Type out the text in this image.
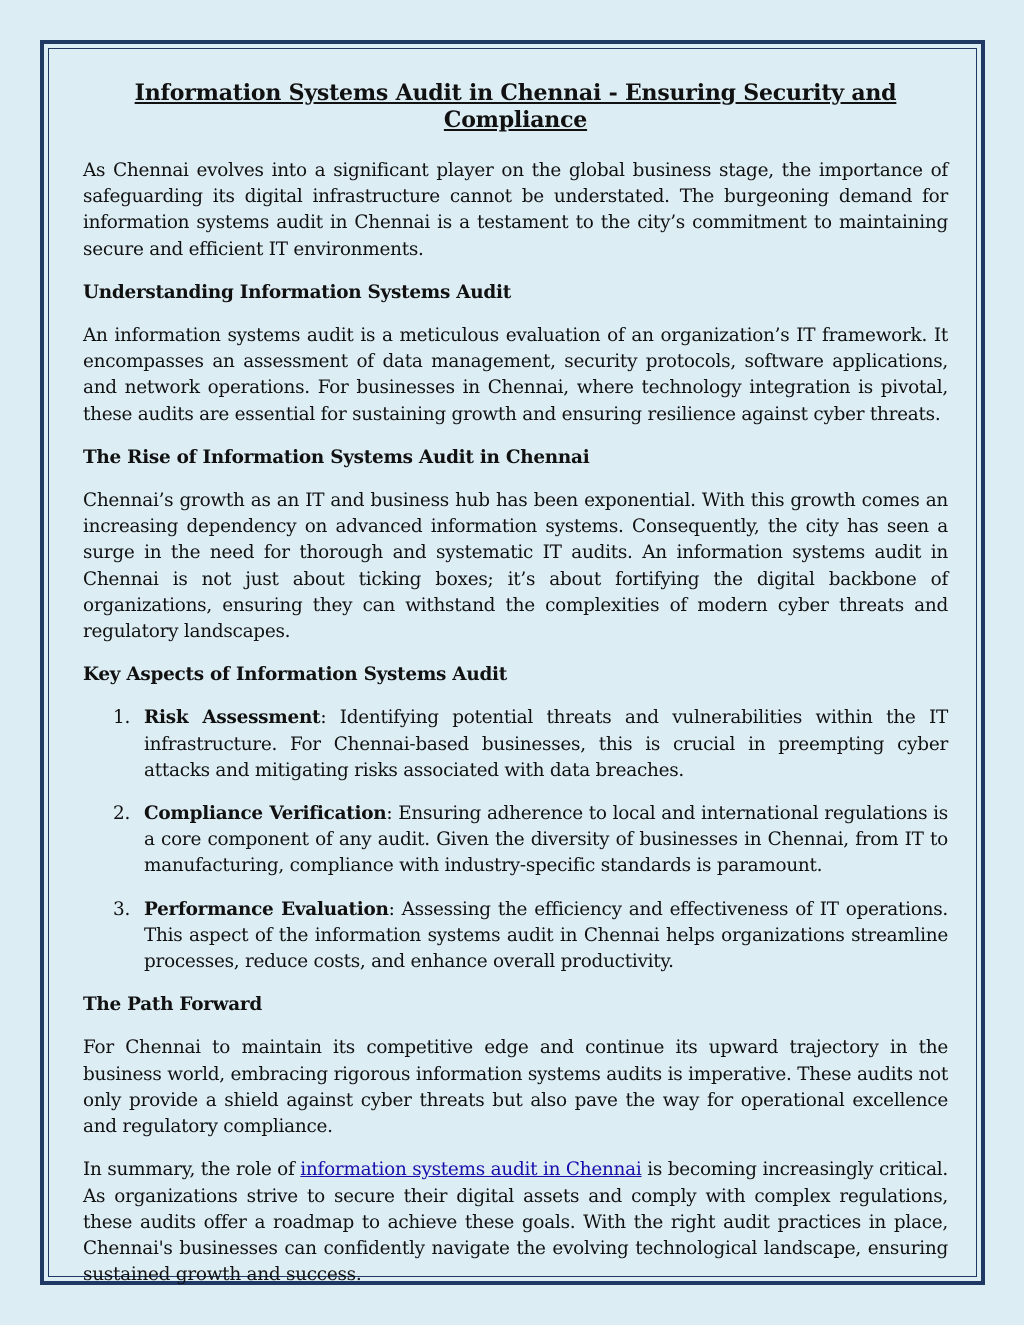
Information Systems Audit in Chennai - Ensuring Security and Compliance

As Chennai evolves into a significant player on the global business stage, the importance of safeguarding its digital infrastructure cannot be understated. The burgeoning demand for information systems audit in Chennai is a testament to the city’s commitment to maintaining secure and efficient IT environments.

Understanding Information Systems Audit

An information systems audit is a meticulous evaluation of an organization’s IT framework. It encompasses an assessment of data management, security protocols, software applications, and network operations. For businesses in Chennai, where technology integration is pivotal, these audits are essential for sustaining growth and ensuring resilience against cyber threats.

The Rise of Information Systems Audit in Chennai

Chennai’s growth as an IT and business hub has been exponential. With this growth comes an increasing dependency on advanced information systems. Consequently, the city has seen a surge in the need for thorough and systematic IT audits. An information systems audit in Chennai is not just about ticking boxes; it’s about fortifying the digital backbone of organizations, ensuring they can withstand the complexities of modern cyber threats and regulatory landscapes.

Key Aspects of Information Systems Audit
1. Risk Assessment: Identifying potential threats and vulnerabilities within the IT infrastructure. For Chennai-based businesses, this is crucial in preempting cyber attacks and mitigating risks associated with data breaches.
2. Compliance Verification: Ensuring adherence to local and international regulations is a core component of any audit. Given the diversity of businesses in Chennai, from IT to manufacturing, compliance with industry-specific standards is paramount.
3. Performance Evaluation: Assessing the efficiency and effectiveness of IT operations. This aspect of the information systems audit in Chennai helps organizations streamline processes, reduce costs, and enhance overall productivity.
The Path Forward

For Chennai to maintain its competitive edge and continue its upward trajectory in the business world, embracing rigorous information systems audits is imperative. These audits not only provide a shield against cyber threats but also pave the way for operational excellence and regulatory compliance.

In summary, the role of information systems audit in Chennai is becoming increasingly critical. As organizations strive to secure their digital assets and comply with complex regulations, these audits offer a roadmap to achieve these goals. With the right audit practices in place, Chennai's businesses can confidently navigate the evolving technological landscape, ensuring sustained growth and success.
